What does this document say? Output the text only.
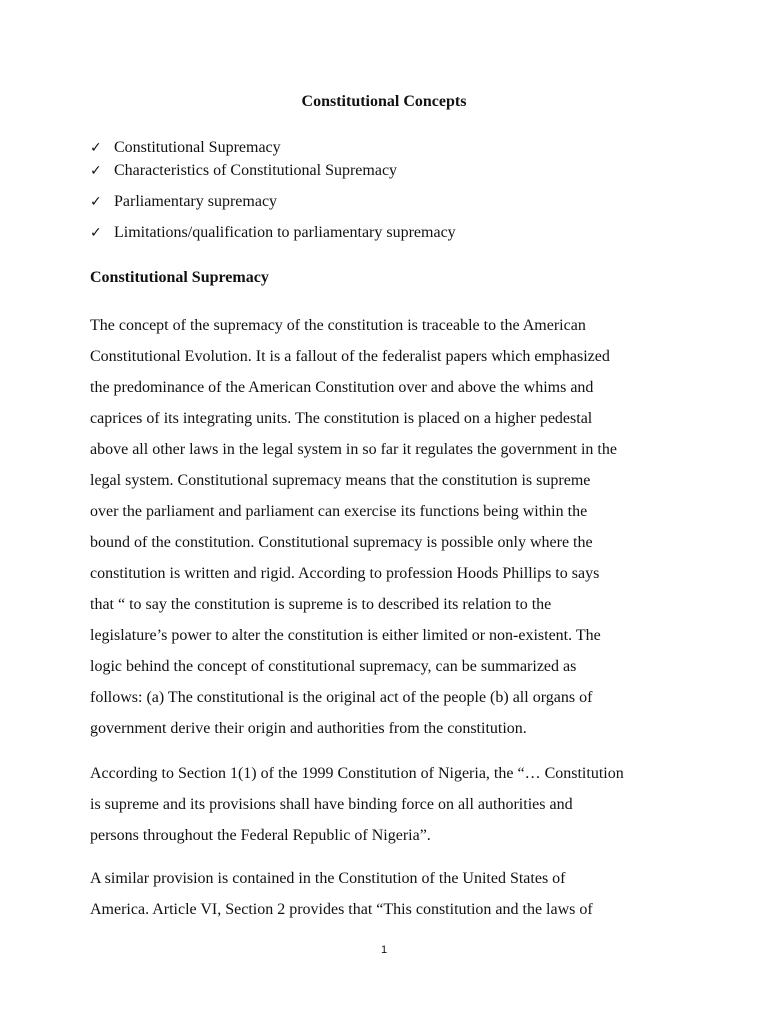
Constitutional Concepts
✓ Constitutional Supremacy
✓ Characteristics of Constitutional Supremacy
✓ Parliamentary supremacy
✓ Limitations/qualification to parliamentary supremacy
Constitutional Supremacy

The concept of the supremacy of the constitution is traceable to the American
Constitutional Evolution. It is a fallout of the federalist papers which emphasized
the predominance of the American Constitution over and above the whims and
caprices of its integrating units. The constitution is placed on a higher pedestal
above all other laws in the legal system in so far it regulates the government in the
legal system. Constitutional supremacy means that the constitution is supreme
over the parliament and parliament can exercise its functions being within the
bound of the constitution. Constitutional supremacy is possible only where the
constitution is written and rigid. According to profession Hoods Phillips to says
that “ to say the constitution is supreme is to described its relation to the
legislature’s power to alter the constitution is either limited or non-existent. The
logic behind the concept of constitutional supremacy, can be summarized as
follows: (a) The constitutional is the original act of the people (b) all organs of
government derive their origin and authorities from the constitution.

According to Section 1(1) of the 1999 Constitution of Nigeria, the “… Constitution
is supreme and its provisions shall have binding force on all authorities and
persons throughout the Federal Republic of Nigeria”.

A similar provision is contained in the Constitution of the United States of
America. Article VI, Section 2 provides that “This constitution and the laws of

1
